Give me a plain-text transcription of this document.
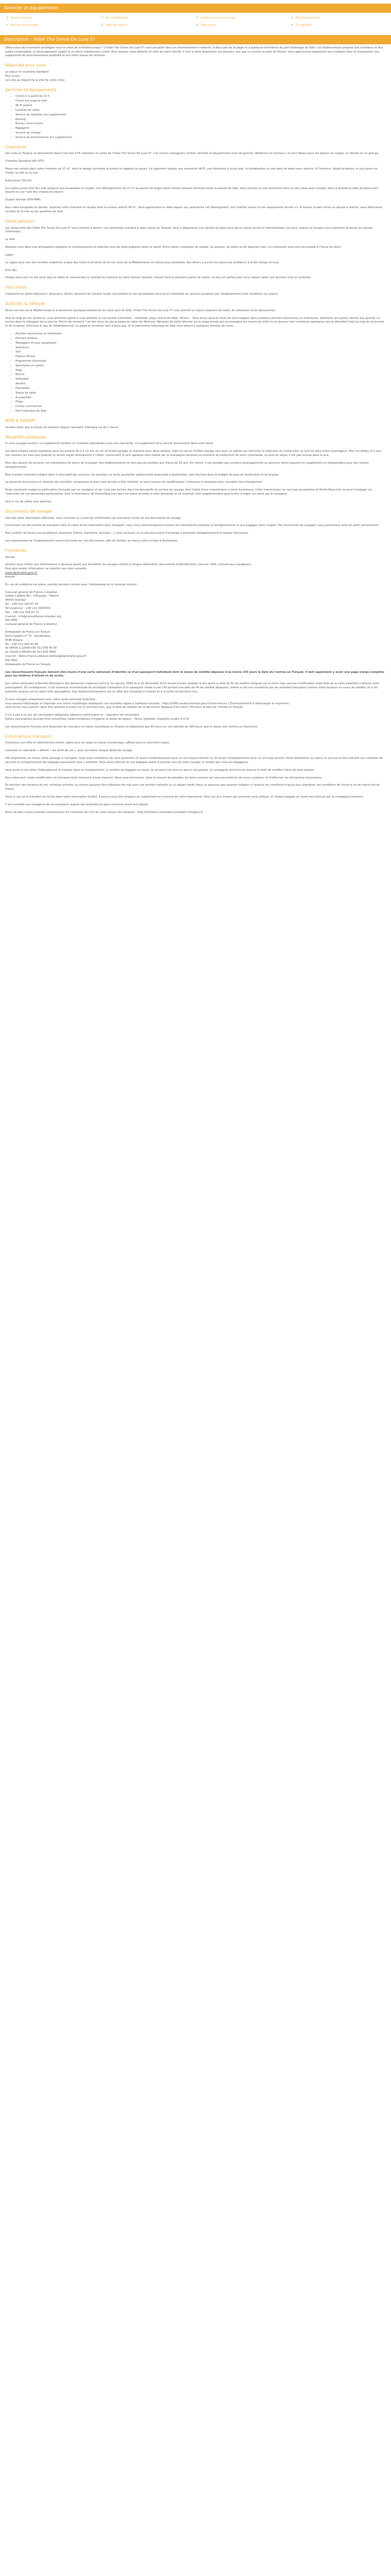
Services et équipements
✔ Accès internet	✔ Air conditionné	✔ Centre remise en forme	✔ Piscine couverte
✔ Piscine découverte	✔ Salle de sports	✔ Tout inclus	✔ Tv satellite
Description - Hôtel The Sense De Luxe 5*

Offrez-vous des moments privilégiés sous le soleil de la Riviera turque ! L'hôtel The Sense De Luxe 5* vous accueille dans un environnement moderne, à deux pas de la plage et à quelques kilomètres du port historique de Side. Cet établissement propose des chambres et des suites confortables, à l'aménagement soigné et au décor subtilement coloré. Pour assurer votre détente et celle de votre famille, il met à votre disposition ses piscines, son spa ou encore sa salle de fitness. Vous apprécierez également ses multiples bars et restaurants, son programme de divertissements qualitatif et son hôtel réseau de services.

Négociés pour vous

Le séjour en Chambre Standard
Tout inclus
Les vols au départ de la ville de votre choix

Services et équipements
• Check-in à partir de 14 h
• Check-out jusqu'à midi
• Wi-Fi gratuit
• Location de vélos
• Service de navettes (en supplément)
• Parking
• Bureau d'excursions
• Bagagerie
• Service de change
• Service de blanchisserie (en supplément)
Chambres

Vos nuits en Turquie se dérouleront dans l'une des 374 chambres et suites de l'hôtel The Sense De Luxe 5*. Ces cocons conjuguent confort, sérénité et équipements haut de gamme. Modernes et lumineux, ils sont idéaux pour les séjours en couple, en famille ou en groupe.

Chambre Standard (RO-STT)

Posez vos valises dans votre chambre de 27 m², dont le design contraste la pureté et rappelle la nature. Ce logement intègre une connexion Wi-Fi, une télévision à écran plat, la climatisation et une salle de bains avec douche. À l'intérieur, dépôt-la-balcon, le vue porte sur l'hôtel, la ville ou la mer.

Suite Junior (SU-JU)

Les suites junior sont des nids propices aux escapades en couple. Ces hébergements de 37 m² se parent de larges baies vitrées laissant entrevoir toute la beauté de Side. Vous animez un vrai sentiment dans le coin salon avec canapé, dans la grande la salle de bains avec douche ou sur l'une des chaises du balcon.

Duplex familial (DPX-FAM)

Pour votre escapade en famille, réservez cette chambre en duplex dont la surface atteint 45 m². Vous apprécierez le volet espace qui caractérise cet hébergement, son mobilier actuel et son équipement dernier cri. À travers la baie vitrée ou depuis le balcon, vous détecterez les flots de la mer ou les quartiers de Side.

Votre pension

Les restaurants de l'hôtel The Sense De Luxe 5* vous invitent à donner une dimension culinaire à votre séjour en Turquie. Vous y dégusterez une variété de plats issus de la cuisine locale et internationale. Les bars, snacks et lounges vous réservent le temps de pauses informelles.

Le Villa

Attablez-vous dans une atmosphère élégante et contemporaine et délectez-vous de plats préparés selon le savoir. Entre italien composés de viande, de poisson, de pâtes ou de légumes frais. Ce restaurant vous sera accessible à l'heure du dîner.

Lagos

Le Lagos vous sert des recettes élaborées à base des fruits et produits de la mer issus de la Méditerranée ou élevas plus lointaines. Ses dîners y auront lieu dans une ambiance à la fois design et cosy.

Prim Bar

Dirigez-vous vers ce bar situé dans le lobby et commandez le cocktail du moment ou votre boisson favorite. Ouvert dans la première partie de soirée, ce lieu est parfait pour vous relaxer après une journée riche en activités.

Tout inclus

Comprend les petits-déjeuners, déjeuners, dîners, boissons de marque locale (alcoolisées et non alcoolisées) ainsi qu'un ensemble de services proposés par l'établissement (voir conditions sur place).

Activités & lifestyle

Niché non loin de la Méditerranée et à seulement quelques kilomètres du vieux port de Side, l'hôtel The Sense De Luxe 5* vous promet un séjour empreint de soleil, de relaxation et de découvertes.

Tout au long de vos vacances, vous prendrez plaisir à vous adonner à une variété d'activités : volleyball, yoga, tennis de table, fitness… Vous aurez aussi le choix de vous baigner dans plusieurs piscines extérieures ou intérieures, destinées aux petits comme aux grands, ou encore dans le toboggan de la piscine. Enrich de ressentir l'un des soins du spa proposé au salon de Wellness. Revenez de cette détente sur la plage privée qui accompagne les rayons du soleil ou la douceur des nombreux spectacles qui se déroulent tout au long de la journée et de la soirée. Direction le spa de l'établissement. La plage et la nature sont à deux pas, et le patrimoine historique de Side vous attend à quelques minutes de route.

• Piscines extérieures et intérieures
• Piscines enfants
• Toboggans et jeux aquatiques
• Solariums
• Spa
• Espace fitness
• Programme d'activités
• Spectacles en soirée
• Yoga
• Boccia
• Volleyball
• Aérobic
• Fléchettes
• Tennis de table
• À proximité :
• Plage
• Centre commercial
• Port historique de Side
BON A SAVOIR

Veuillez noter que le temps de transfert depuis l'aéroport d'Antalya est de 1 heure.

Modalités pratiques

Si vous voyagez seul(e), un supplément tarifaire en chambre individuelle vous sera demandé, ce supplément sera calculé directement dans votre devis.

Les bons enfants seront appliqués pour les enfants de 2 à 12 ans ou car ils feront partage la chambre avec deux adultes. Dans le cas où l'enfant voyage seul avec un adulte son tarif pour la réduction de moitié pour un tarif ou sera moins avantageux. Pour les bébés (0-2 ans non révolus) les frais sont gratuits et seront réglés directement à l'hôtel. Concernant le tarif appliqué sera réalisé par la compagnie aérienne au moment du traitement de votre commande. La taxe de séjour n'est pas incluse dans le prix.

Pour des raisons de sécurité, les installations de loisirs de la plupart des établissements ne sont pas accessibles aux moins de 16 ans. De même, il est possible que certains aménagements ou services soient payants en supplément ou indisponibles pour des raisons exceptionnelles.

Tout membre contraire indiqué dans le descriptif des services, les activités, et toute prestation additionnelle disponible à destination, sont fournies dans le budget du pays de destination et en anglais.

La présente d'ouverture et horaires des activités, restaurants et bars sont donnés à titre indicatif, et sous réserve de modifications. Contactez la réception pour connaître tout changement.

Toute éventuelle exigence particulière formulée par un voyageur et qui n'est pas incluse dans les descriptifs du service de voyage, fera l'objet d'une transmission à notre fournisseur. Cette transmission ne vaut pas acceptation et PerfectStay.com ne peut s'engager sur l'exécution de ces demandes particulières. Seul le fournisseur de PerfectStay.com peut sur place accéder à cette demande et en éventuel coût supplémentaire pourra être à régler sur place par le voyageur.

Seul 1 sac de valise sera autorisé.

Documents de voyage

Une fois votre réservation effectuée, vous recevrez un e-mail de confirmation qui précisera l'envoi de vos documents de voyage.

Concernant les documents de transport dans le cadre d'une réservation avec transport, nous vous communiquerons toutes les informations relatives à l'enregistrement et aux bagages dans l'onglet "Vos documents de voyages" vous permettant ainsi de partir sereinement.

Pour profiter de toutes vos prestations réservées (hôtels, transferts, activités...), nous recevrez un ou plusieurs bons d'échange à présenter obligatoirement à chaque fournisseur.

Les coordonnées de l'établissement seront précisées sur vos documents, afin de faciliter au mieux votre arrivée à destination.

Formalités

Arrivée

Veuillez vous référer aux informations ci-dessous quant aux formalités de voyages relatifs à chaque destination (documents d'identification, vaccins, VISA, conseils aux voyageurs).
Pour plus ample information, se reporter aux sites suivants :
www.diplomatie.gouv.fr
Arrivée

En cas de problème sur place, veuillez prendre contact avec l'ambassade ou le consulat suivant :

Consulat général de France à Istanbul
Istiklal Caddesi No : 4 Beyoglu / Taksim
34435 Istanbul
Tel : +90 212 334 87 30
Tel (urgence) : +90 212 3933050
Fax : +90 212 334 87 31
Courriel : info@consulfrance-istanbul.org
Site Web :
Consulat général de France à Istanbul
Ambassade de France en Turquie
Paris Caddesi nº 70 - Kavaklıdere
6540 Ankara
Tél : +90 312 455 45 45
de 08h00 à 22h00+90 312 455 45 00
de 22h00 à 08h00+90 312 455 4500
Courriel : Admin-france.plaisure-ambas@diplomatie.gouv.fr
Site Web :
Ambassade de France en Turquie

Les ressortissants français doivent être munis d'une carte nationale d'identité ou d'un passeport individuel dont la durée de validité dépasse d'au moins 150 jours la date de l'entrée en Turquie. Il doit également y avoir une page vierge complète pour les timbres d'entrée et de sortie.

Les cartes nationales d'identité délivrées à des personnes majeures entre le 1er janvier 2004 et le 31 décembre 2013 seront encore valables 5 ans après la date de fin de validité indiquée sur le recto mais aucune modification matérielle de la carte plastifiée n'atteste cette prolongation. En conséquence, il est vivement recommandé de privilégier l'utilisation d'un passeport valide à une CNI portant une date de fin de validité dépassée, même si elle est considérée par les autorités françaises comme étant toujours en cours de validité, et si les autorités turques ont accepté cette prorogation. Des dysfonctionnements ont en effet été constatés à l'entrée et à la sortie du territoire turc.

Si vous voyagez uniquement avec votre carte nationale d'identité :
vous pouvez télécharger et imprimer une notice multilingue expliquant ces nouvelles règles à l'adresse suivante : http://i2009.nouba.interieur.gouv.fr/chercher.tcl ( Éventuellement à télécharger et imprimer) ;
vous devez vous assurer, pour être autorisé à entrer sur le territoire turc, que la date de validité de ce document dépasse d'au moins 150 jours la date de l'entrée en Turquie.

Il n'y a pas à ce jour de vaccination obligatoire (absence préliminaire n) - copulaire est nécessaire.
Autres vaccinations pouvant être conseillées (selon conditions d'hygiène et durée du séjour) : fièvre typhoïde, hépatites virales A et B.

Les ressortissants français sont dispensés de visa pour un séjour touristique en Turquie ne dépassant pas 90 jours sur une période de 180 jours, que le séjour soit continu ou fractionné.

Informations transport

Choisissez une offre et sélectionnez entrée, optez pour un siège en classe économique, affiliez-vous en première classe.

Consulter le calendrier « affiché » les tarifs de vol », pour connaître chaque détail du voyage.

Afin d'optimiser au mieux votre passage à l'aéroport, nous vous conseillons de vous présenter 2h avant l'embarquement pour un vol moyen-courrier ou 3h avant l'embarquement pour un vol long-courrier. Votre destination sur place ne sera qu'à titre indicatif. Les contrôles de sécurité et enregistrement des bagages pourraient vous y attendre. Vous serez informé de vos bagages avant le premier jour de votre voyage, et autant que vous les dégagerez.

Vous aurez à vos côtés l'hébergement et l'équipe dans un emplacement, le nombre de bagages en soute, le vol précis ne sera en aucun cas garanti, la compagnie aérienne se réserve le droit de modifier votre vol sans préavis.

Pour votre part, toute modification du transport peut intervenir à tout moment. Nous vous donnerons, dans la mesure du possible, les bons conseils qui vous permettront de vous y préparer et d'effectuer les démarches nécessaires.

En fonction des horaires de vol, certaines arrivées ou retours peuvent être effectués de nuit avec une arrivée matinale ou un départ tardif. Nous ne pouvons pas toujours indiquer à l'avance les conditions d'accès aux chambres, les conditions de check-in ou de check-out de l'hôtel.

Dans le cas où le transfert est inclus dans votre réservation d'hôtel, il pourra vous être proposé en supplément au moment de votre réservation. Seul son prix moyen par personne sera indiqué, et chaque bagage en soute sera facturé par la compagnie aérienne.

Il est conseillé aux voyageurs de se renseigner auprès des autorités du pays concerné avant leur départ.

Merci de bien vouloir prendre connaissance de l'émission de CO2 de votre moyen de transport : http://XXXXeco-calculateur.ecolabel.ch/logout.fr
